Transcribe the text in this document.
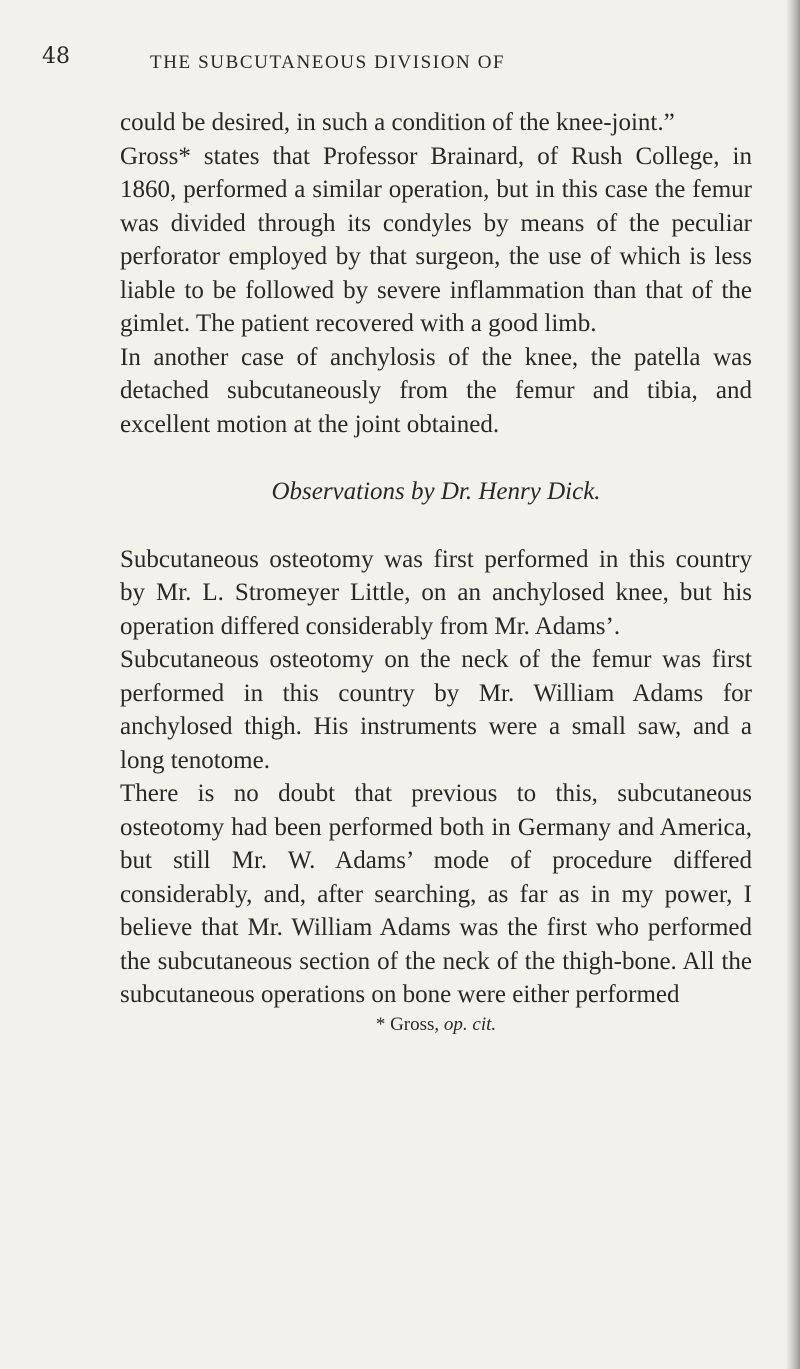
48	THE SUBCUTANEOUS DIVISION OF

could be desired, in such a condition of the knee-joint.”

Gross* states that Professor Brainard, of Rush College, in 1860, performed a similar operation, but in this case the femur was divided through its condyles by means of the peculiar perforator employed by that surgeon, the use of which is less liable to be followed by severe inflammation than that of the gimlet. The patient recovered with a good limb.

In another case of anchylosis of the knee, the patella was detached subcutaneously from the femur and tibia, and excellent motion at the joint obtained.

Observations by Dr. Henry Dick.

Subcutaneous osteotomy was first performed in this country by Mr. L. Stromeyer Little, on an anchylosed knee, but his operation differed considerably from Mr. Adams’.

Subcutaneous osteotomy on the neck of the femur was first performed in this country by Mr. William Adams for anchylosed thigh. His instruments were a small saw, and a long tenotome.

There is no doubt that previous to this, subcutaneous osteotomy had been performed both in Germany and America, but still Mr. W. Adams’ mode of procedure differed considerably, and, after searching, as far as in my power, I believe that Mr. William Adams was the first who performed the subcutaneous section of the neck of the thigh-bone. All the subcutaneous operations on bone were either performed

* Gross, op. cit.
